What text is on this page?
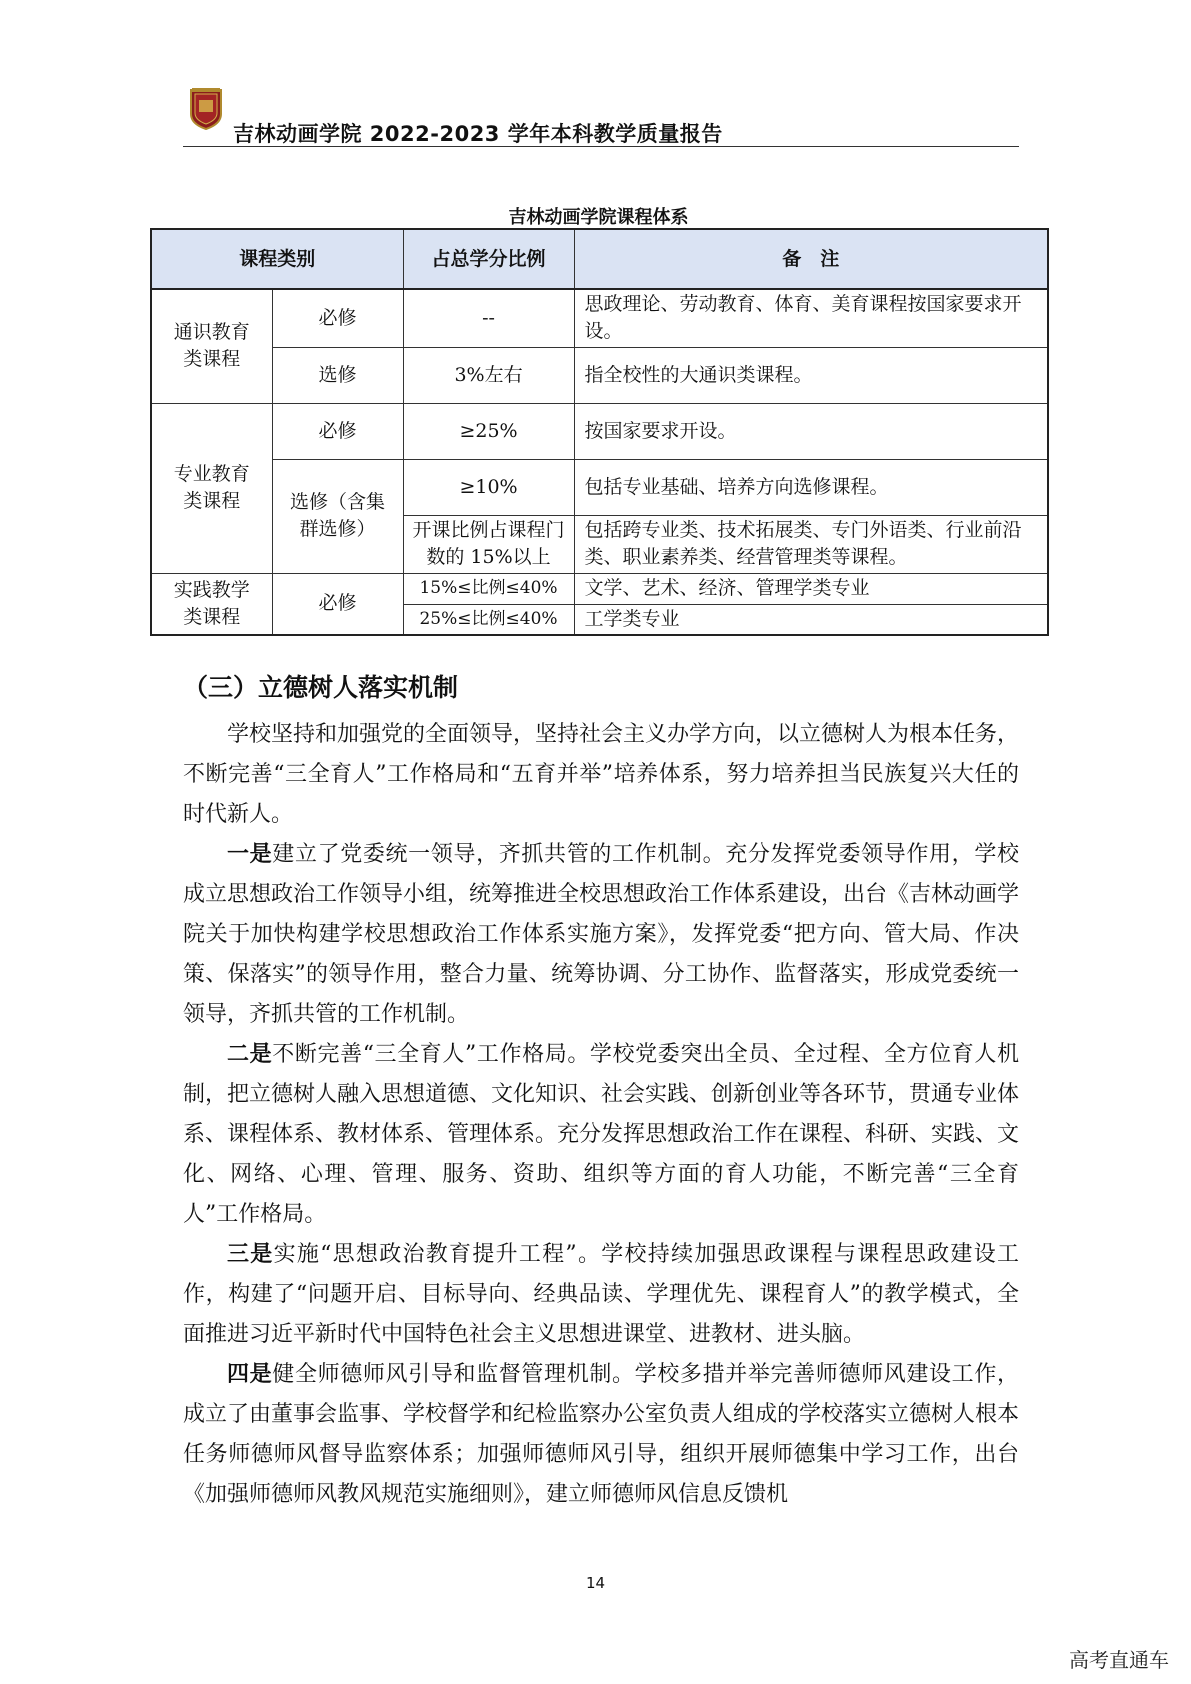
吉林动画学院 2022-2023 学年本科教学质量报告
吉林动画学院课程体系
课程类别		占总学分比例	备　注
通识教育类课程	必修	--	思政理论、劳动教育、体育、美育课程按国家要求开设。
	选修	3%左右	指全校性的大通识类课程。
专业教育类课程	必修	≥25%	按国家要求开设。
	选修（含集群选修）	≥10%	包括专业基础、培养方向选修课程。
		开课比例占课程门数的 15%以上	包括跨专业类、技术拓展类、专门外语类、行业前沿类、职业素养类、经营管理类等课程。
实践教学类课程	必修	15%≤比例≤40%	文学、艺术、经济、管理学类专业
		25%≤比例≤40%	工学类专业
（三）立德树人落实机制

学校坚持和加强党的全面领导，坚持社会主义办学方向，以立德树人为根本任务，不断完善“三全育人”工作格局和“五育并举”培养体系，努力培养担当民族复兴大任的时代新人。

一是建立了党委统一领导，齐抓共管的工作机制。充分发挥党委领导作用，学校成立思想政治工作领导小组，统筹推进全校思想政治工作体系建设，出台《吉林动画学院关于加快构建学校思想政治工作体系实施方案》，发挥党委“把方向、管大局、作决策、保落实”的领导作用，整合力量、统筹协调、分工协作、监督落实，形成党委统一领导，齐抓共管的工作机制。

二是不断完善“三全育人”工作格局。学校党委突出全员、全过程、全方位育人机制，把立德树人融入思想道德、文化知识、社会实践、创新创业等各环节，贯通专业体系、课程体系、教材体系、管理体系。充分发挥思想政治工作在课程、科研、实践、文化、网络、心理、管理、服务、资助、组织等方面的育人功能，不断完善“三全育人”工作格局。

三是实施“思想政治教育提升工程”。学校持续加强思政课程与课程思政建设工作，构建了“问题开启、目标导向、经典品读、学理优先、课程育人”的教学模式，全面推进习近平新时代中国特色社会主义思想进课堂、进教材、进头脑。

四是健全师德师风引导和监督管理机制。学校多措并举完善师德师风建设工作，成立了由董事会监事、学校督学和纪检监察办公室负责人组成的学校落实立德树人根本任务师德师风督导监察体系；加强师德师风引导，组织开展师德集中学习工作，出台《加强师德师风教风规范实施细则》，建立师德师风信息反馈机

14
高考直通车
